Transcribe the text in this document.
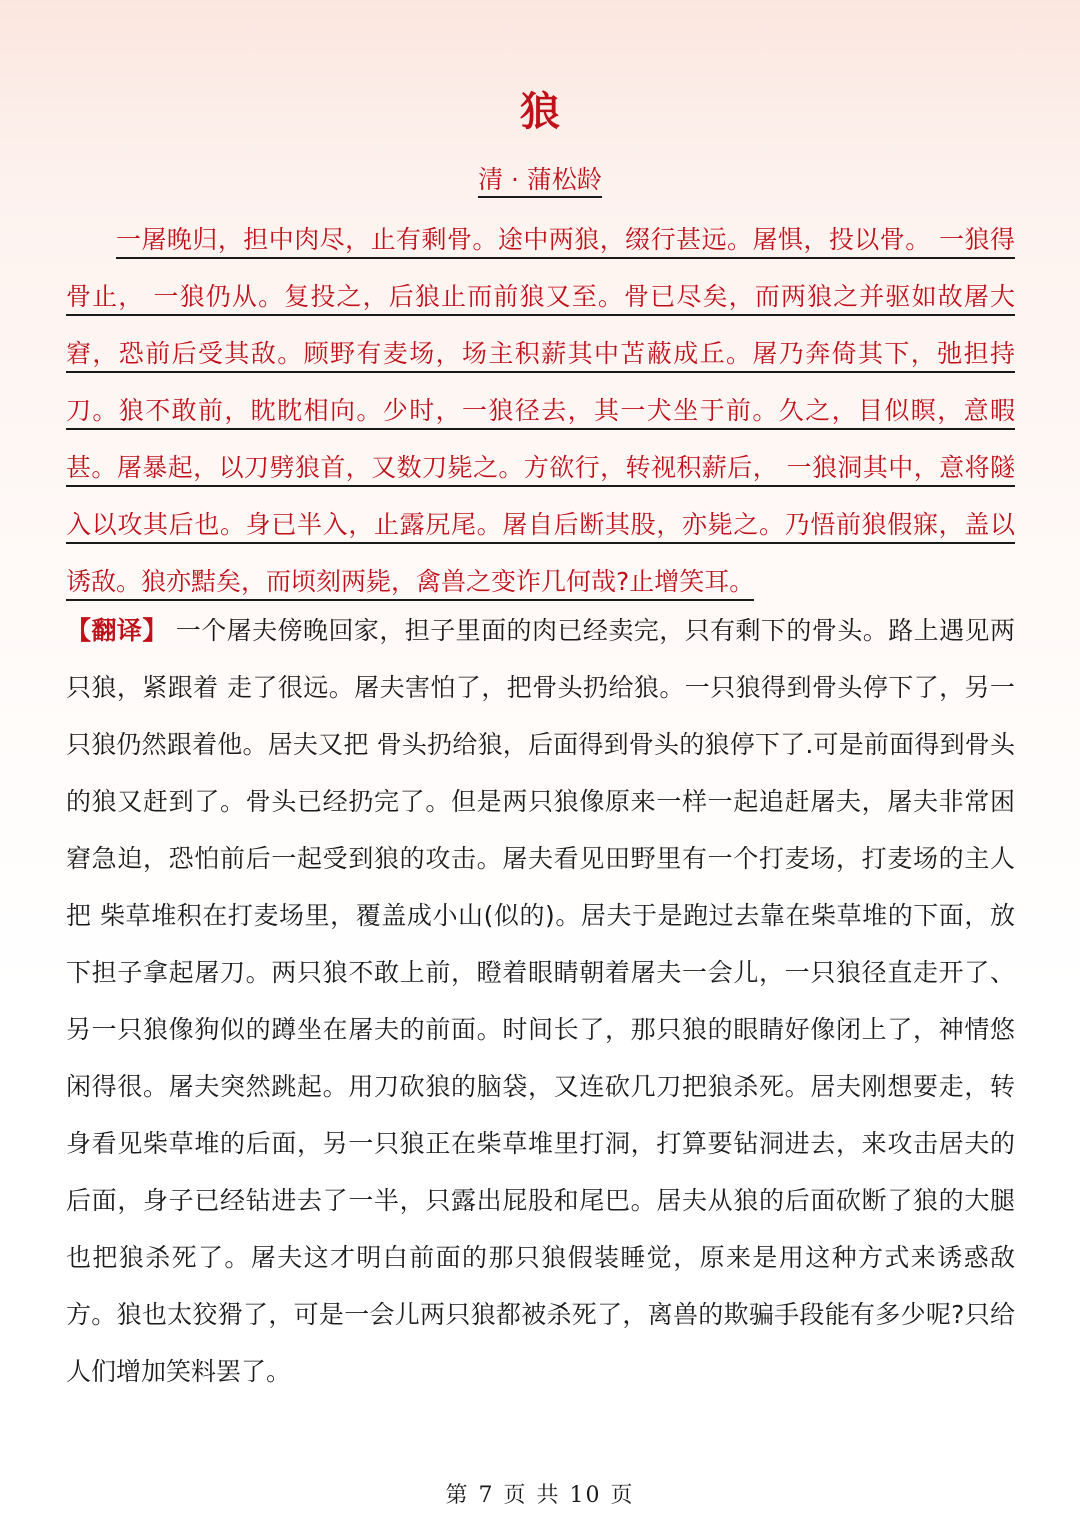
狼
清 · 蒲松龄
一屠晚归，担中肉尽，止有剩骨。途中两狼，缀行甚远。屠惧，投以骨。 一狼得骨止， 一狼仍从。复投之，后狼止而前狼又至。骨已尽矣，而两狼之并驱如故屠大窘，恐前后受其敌。顾野有麦场，场主积薪其中苫蔽成丘。屠乃奔倚其下，弛担持刀。狼不敢前，眈眈相向。少时，一狼径去，其一犬坐于前。久之，目似瞑，意暇甚。屠暴起，以刀劈狼首，又数刀毙之。方欲行，转视积薪后， 一狼洞其中，意将隧入以攻其后也。身已半入，止露尻尾。屠自后断其股，亦毙之。乃悟前狼假寐，盖以诱敌。狼亦黠矣，而顷刻两毙，禽兽之变诈几何哉?止增笑耳。
【翻译】 一个屠夫傍晚回家，担子里面的肉已经卖完，只有剩下的骨头。路上遇见两只狼，紧跟着 走了很远。屠夫害怕了，把骨头扔给狼。一只狼得到骨头停下了，另一只狼仍然跟着他。居夫又把 骨头扔给狼，后面得到骨头的狼停下了.可是前面得到骨头的狼又赶到了。骨头已经扔完了。但是两只狼像原来一样一起追赶屠夫，屠夫非常困窘急迫，恐怕前后一起受到狼的攻击。屠夫看见田野里有一个打麦场，打麦场的主人把 柴草堆积在打麦场里，覆盖成小山(似的)。居夫于是跑过去靠在柴草堆的下面，放下担子拿起屠刀。两只狼不敢上前，瞪着眼睛朝着屠夫一会儿，一只狼径直走开了、另一只狼像狗似的蹲坐在屠夫的前面。时间长了，那只狼的眼睛好像闭上了，神情悠闲得很。屠夫突然跳起。用刀砍狼的脑袋，又连砍几刀把狼杀死。居夫刚想要走，转身看见柴草堆的后面，另一只狼正在柴草堆里打洞，打算要钻洞进去，来攻击居夫的后面，身子已经钻进去了一半，只露出屁股和尾巴。居夫从狼的后面砍断了狼的大腿也把狼杀死了。屠夫这才明白前面的那只狼假装睡觉，原来是用这种方式来诱惑敌方。狼也太狡猾了，可是一会儿两只狼都被杀死了，离兽的欺骗手段能有多少呢?只给人们增加笑料罢了。
第 7 页 共 10 页
